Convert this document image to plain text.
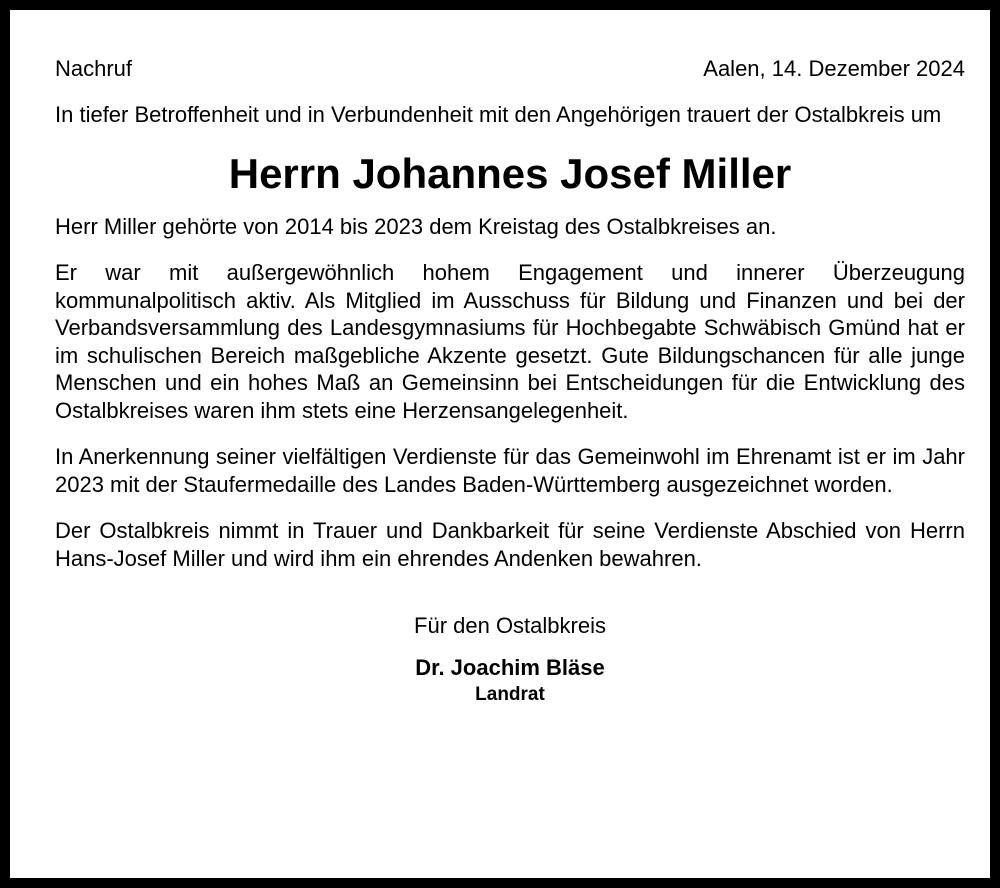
Nachruf	Aalen, 14. Dezember 2024

In tiefer Betroffenheit und in Verbundenheit mit den Angehörigen trauert der Ostalbkreis um

Herrn Johannes Josef Miller

Herr Miller gehörte von 2014 bis 2023 dem Kreistag des Ostalbkreises an.

Er war mit außergewöhnlich hohem Engagement und innerer Überzeugung kommunalpolitisch aktiv. Als Mitglied im Ausschuss für Bildung und Finanzen und bei der Verbandsversammlung des Landesgymnasiums für Hochbegabte Schwäbisch Gmünd hat er im schulischen Bereich maßgebliche Akzente gesetzt. Gute Bildungschancen für alle junge Menschen und ein hohes Maß an Gemeinsinn bei Entscheidungen für die Entwicklung des Ostalbkreises waren ihm stets eine Herzensangelegenheit.

In Anerkennung seiner vielfältigen Verdienste für das Gemeinwohl im Ehrenamt ist er im Jahr 2023 mit der Staufermedaille des Landes Baden-Württemberg ausgezeichnet worden.

Der Ostalbkreis nimmt in Trauer und Dankbarkeit für seine Verdienste Abschied von Herrn Hans-Josef Miller und wird ihm ein ehrendes Andenken bewahren.

Für den Ostalbkreis
Dr. Joachim Bläse
Landrat
